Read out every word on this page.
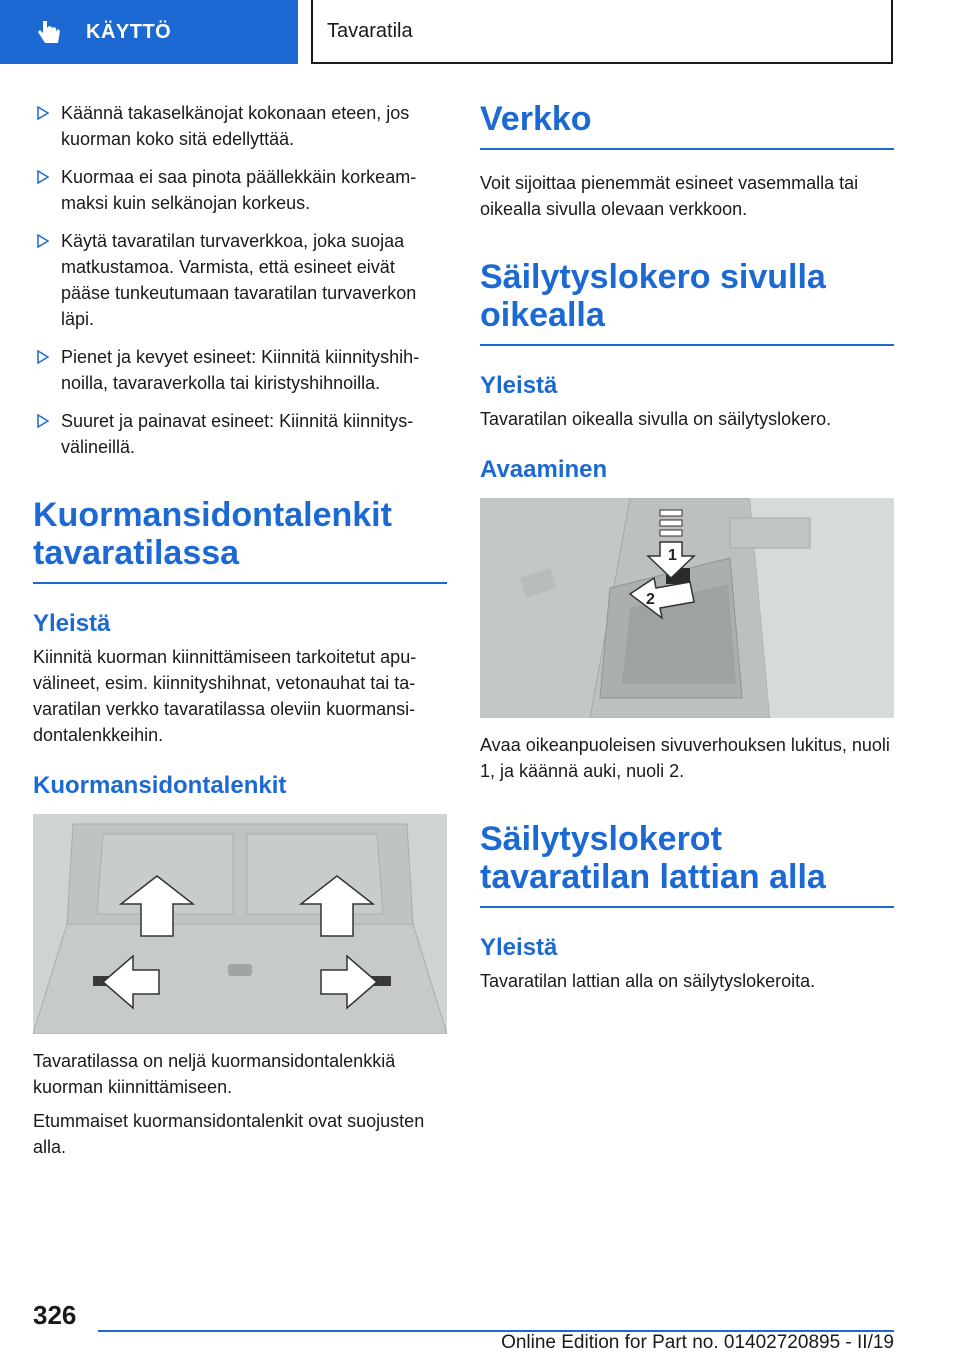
KÄYTTÖ	Tavaratila
Käännä takaselkänojat kokonaan eteen, jos kuorman koko sitä edellyttää.
Kuormaa ei saa pinota päällekkäin korkeammaksi kuin selkänojan korkeus.
Käytä tavaratilan turvaverkkoa, joka suojaa matkustamoa. Varmista, että esineet eivät pääse tunkeutumaan tavaratilan turvaverkon läpi.
Pienet ja kevyet esineet: Kiinnitä kiinnityshihnoilla, tavaraverkolla tai kiristyshihnoilla.
Suuret ja painavat esineet: Kiinnitä kiinnitysvälineillä.
Kuormansidontalenkit tavaratilassa
Yleistä

Kiinnitä kuorman kiinnittämiseen tarkoitetut apuvälineet, esim. kiinnityshihnat, vetonauhat tai tavaratilan verkko tavaratilassa oleviin kuormansidontalenkkeihin.

Kuormansidontalenkit

Tavaratilassa on neljä kuormansidontalenkkiä kuorman kiinnittämiseen.

Etummaiset kuormansidontalenkit ovat suojusten alla.

Verkko

Voit sijoittaa pienemmät esineet vasemmalla tai oikealla sivulla olevaan verkkoon.

Säilytyslokero sivulla oikealla
Yleistä

Tavaratilan oikealla sivulla on säilytyslokero.

Avaaminen
1
2

Avaa oikeanpuoleisen sivuverhouksen lukitus, nuoli 1, ja käännä auki, nuoli 2.

Säilytyslokerot tavaratilan lattian alla
Yleistä

Tavaratilan lattian alla on säilytyslokeroita.

326
Online Edition for Part no. 01402720895 - II/19
